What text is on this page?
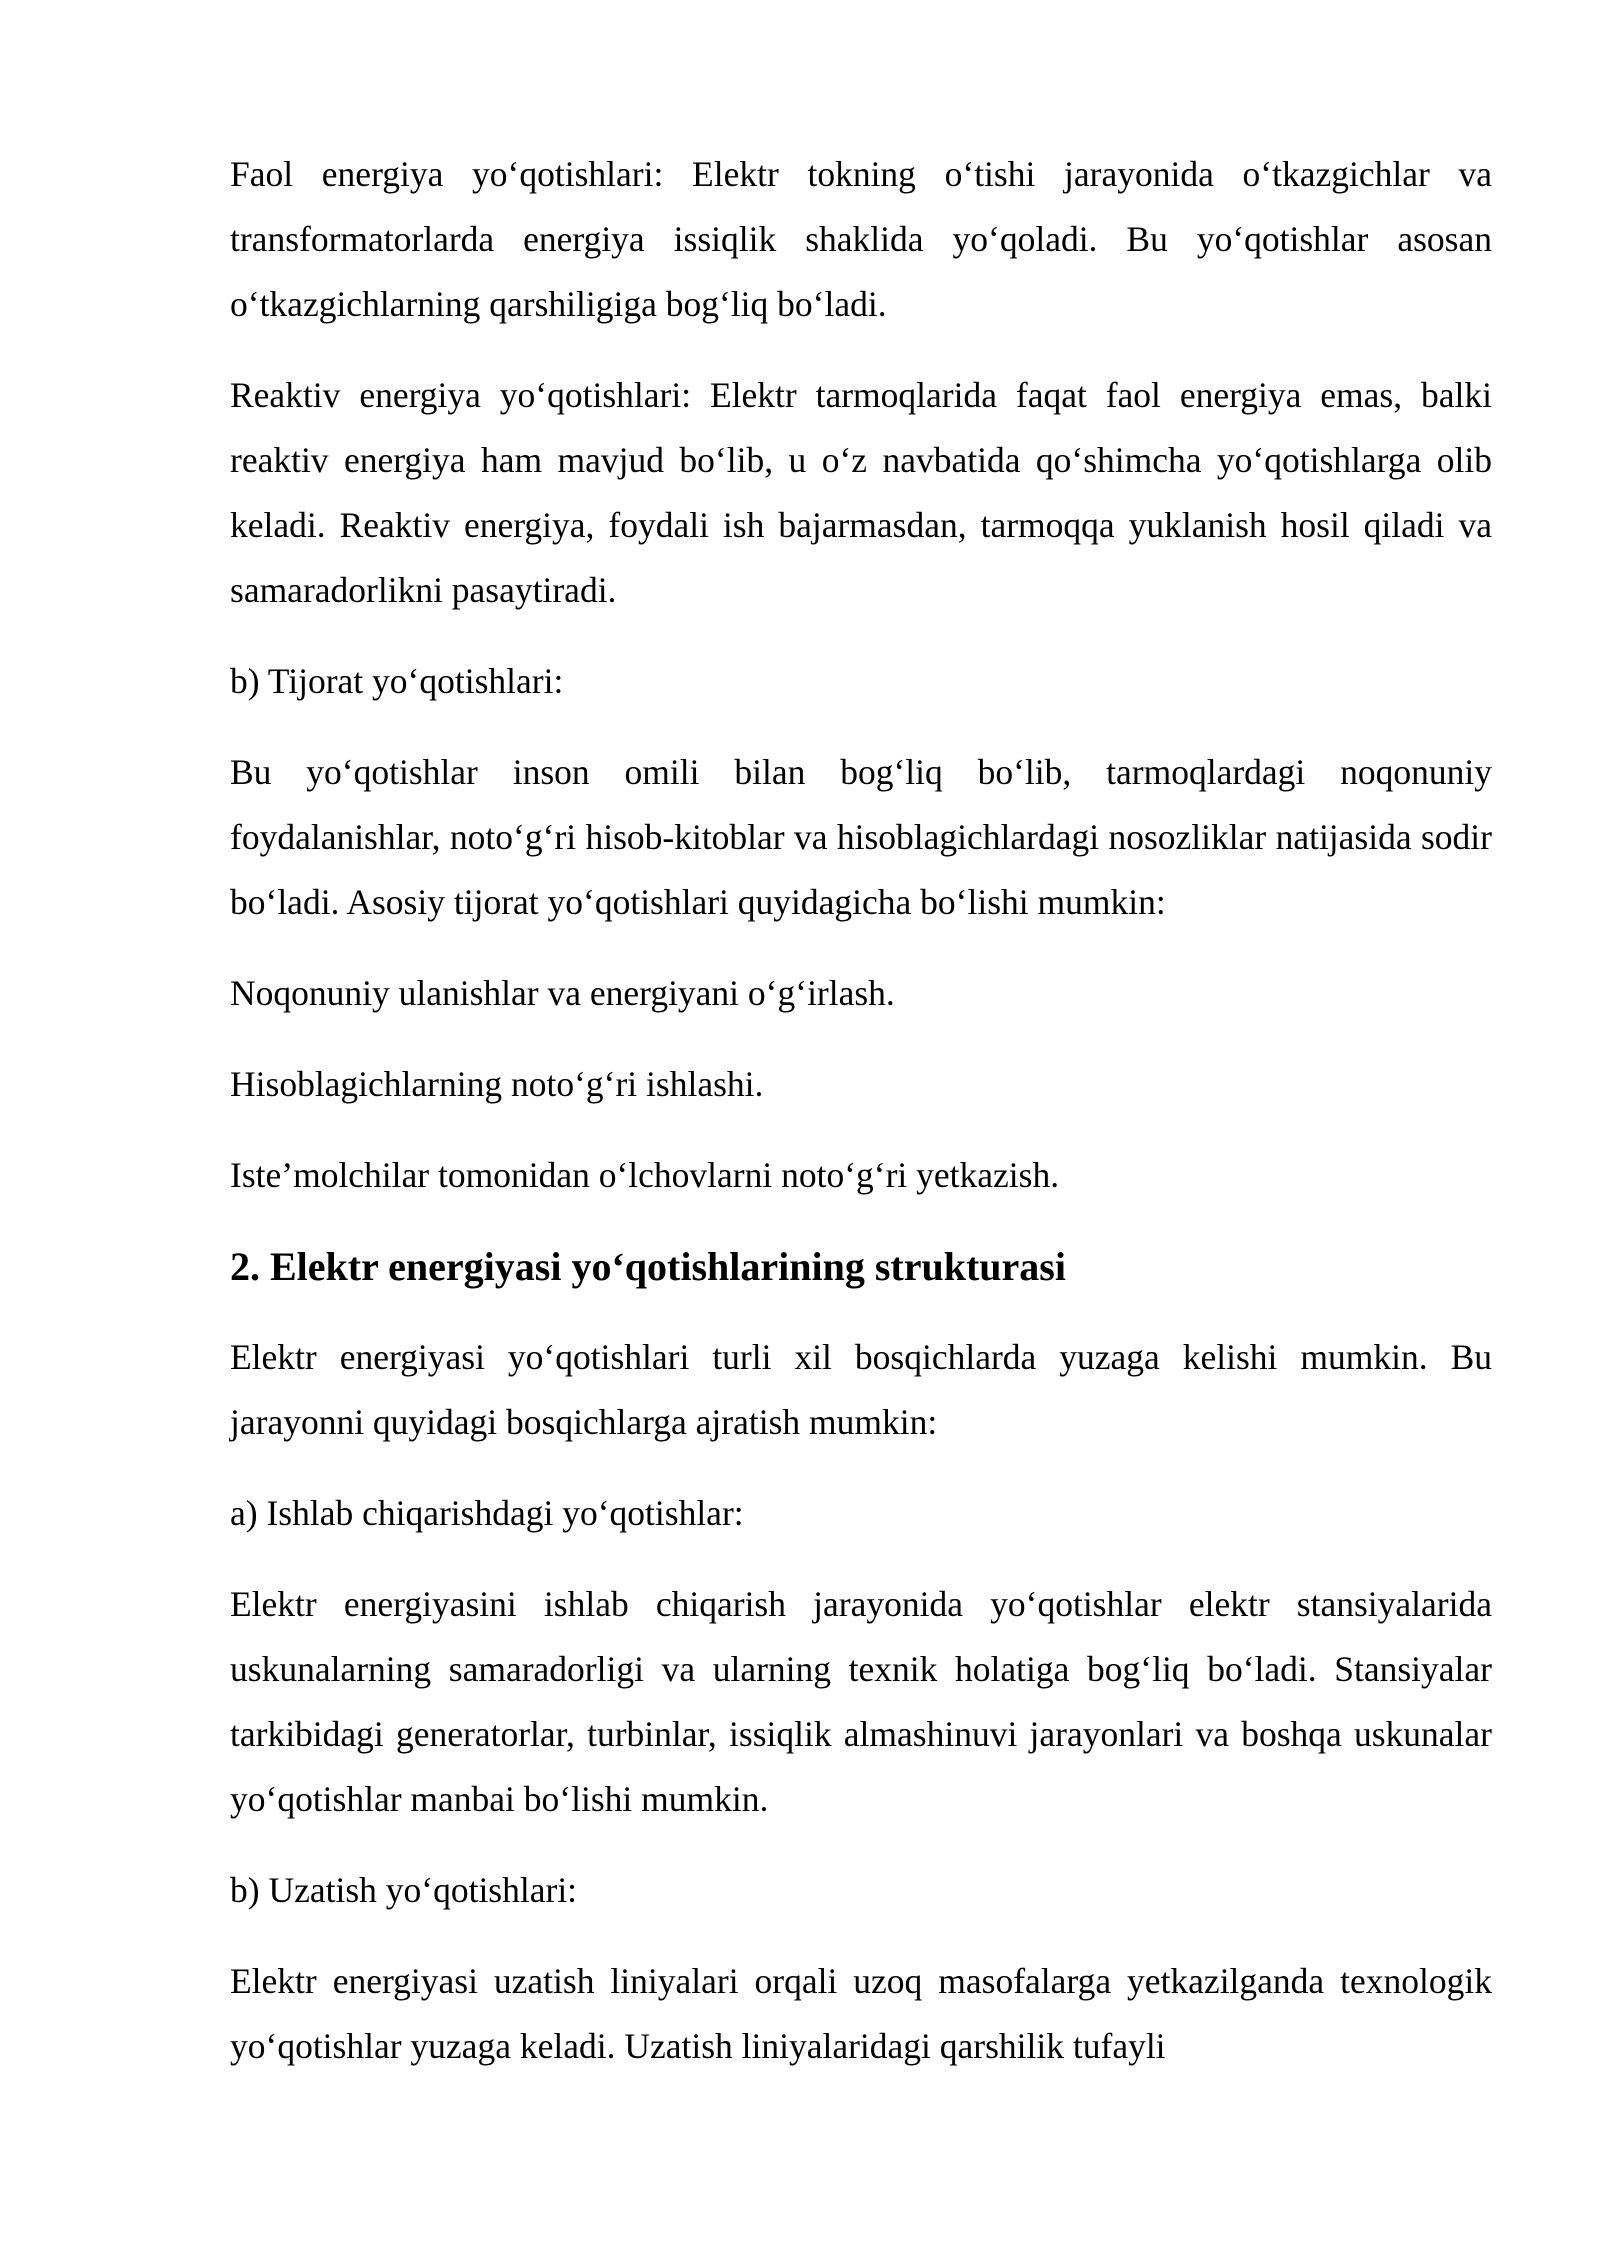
Faol energiya yo‘qotishlari: Elektr tokning o‘tishi jarayonida o‘tkazgichlar va transformatorlarda energiya issiqlik shaklida yo‘qoladi. Bu yo‘qotishlar asosan o‘tkazgichlarning qarshiligiga bog‘liq bo‘ladi.

Reaktiv energiya yo‘qotishlari: Elektr tarmoqlarida faqat faol energiya emas, balki reaktiv energiya ham mavjud bo‘lib, u o‘z navbatida qo‘shimcha yo‘qotishlarga olib keladi. Reaktiv energiya, foydali ish bajarmasdan, tarmoqqa yuklanish hosil qiladi va samaradorlikni pasaytiradi.

b) Tijorat yo‘qotishlari:

Bu yo‘qotishlar inson omili bilan bog‘liq bo‘lib, tarmoqlardagi noqonuniy foydalanishlar, noto‘g‘ri hisob-kitoblar va hisoblagichlardagi nosozliklar natijasida sodir bo‘ladi. Asosiy tijorat yo‘qotishlari quyidagicha bo‘lishi mumkin:

Noqonuniy ulanishlar va energiyani o‘g‘irlash.
Hisoblagichlarning noto‘g‘ri ishlashi.
Iste’molchilar tomonidan o‘lchovlarni noto‘g‘ri yetkazish.
2. Elektr energiyasi yo‘qotishlarining strukturasi

Elektr energiyasi yo‘qotishlari turli xil bosqichlarda yuzaga kelishi mumkin. Bu jarayonni quyidagi bosqichlarga ajratish mumkin:

a) Ishlab chiqarishdagi yo‘qotishlar:

Elektr energiyasini ishlab chiqarish jarayonida yo‘qotishlar elektr stansiyalarida uskunalarning samaradorligi va ularning texnik holatiga bog‘liq bo‘ladi. Stansiyalar tarkibidagi generatorlar, turbinlar, issiqlik almashinuvi jarayonlari va boshqa uskunalar yo‘qotishlar manbai bo‘lishi mumkin.

b) Uzatish yo‘qotishlari:

Elektr energiyasi uzatish liniyalari orqali uzoq masofalarga yetkazilganda texnologik yo‘qotishlar yuzaga keladi. Uzatish liniyalaridagi qarshilik tufayli
